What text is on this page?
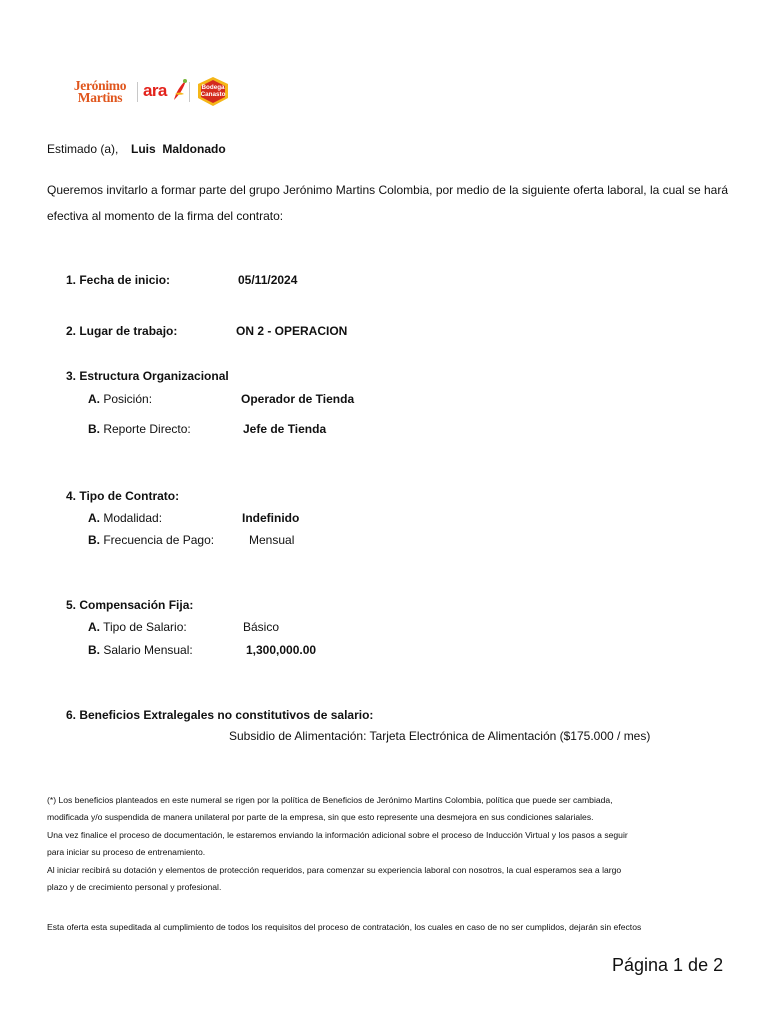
Jerónimo
Martins	ara	Bodega
Canasto
Estimado (a), Luis  Maldonado
Queremos invitarlo a formar parte del grupo Jerónimo Martins Colombia, por medio de la siguiente oferta laboral, la cual se hará
efectiva al momento de la firma del contrato:
1. Fecha de inicio:	05/11/2024
2. Lugar de trabajo:	ON 2 - OPERACION
3. Estructura Organizacional
A. Posición:	Operador de Tienda
B. Reporte Directo:	Jefe de Tienda
4. Tipo de Contrato:
A. Modalidad:	Indefinido
B. Frecuencia de Pago:	Mensual
5. Compensación Fija:
A. Tipo de Salario:	Básico
B. Salario Mensual:	1,300,000.00
6. Beneficios Extralegales no constitutivos de salario:
Subsidio de Alimentación: Tarjeta Electrónica de Alimentación ($175.000 / mes)
(*) Los beneficios planteados en este numeral se rigen por la política de Beneficios de Jerónimo Martins Colombia, política que puede ser cambiada,
modificada y/o suspendida de manera unilateral por parte de la empresa, sin que esto represente una desmejora en sus condiciones salariales.
Una vez finalice el proceso de documentación, le estaremos enviando la información adicional sobre el proceso de Inducción Virtual y los pasos a seguir
para iniciar su proceso de entrenamiento.
Al iniciar recibirá su dotación y elementos de protección requeridos, para comenzar su experiencia laboral con nosotros, la cual esperamos sea a largo
plazo y de crecimiento personal y profesional.
Esta oferta esta supeditada al cumplimiento de todos los requisitos del proceso de contratación, los cuales en caso de no ser cumplidos, dejarán sin efectos
Página 1 de 2
